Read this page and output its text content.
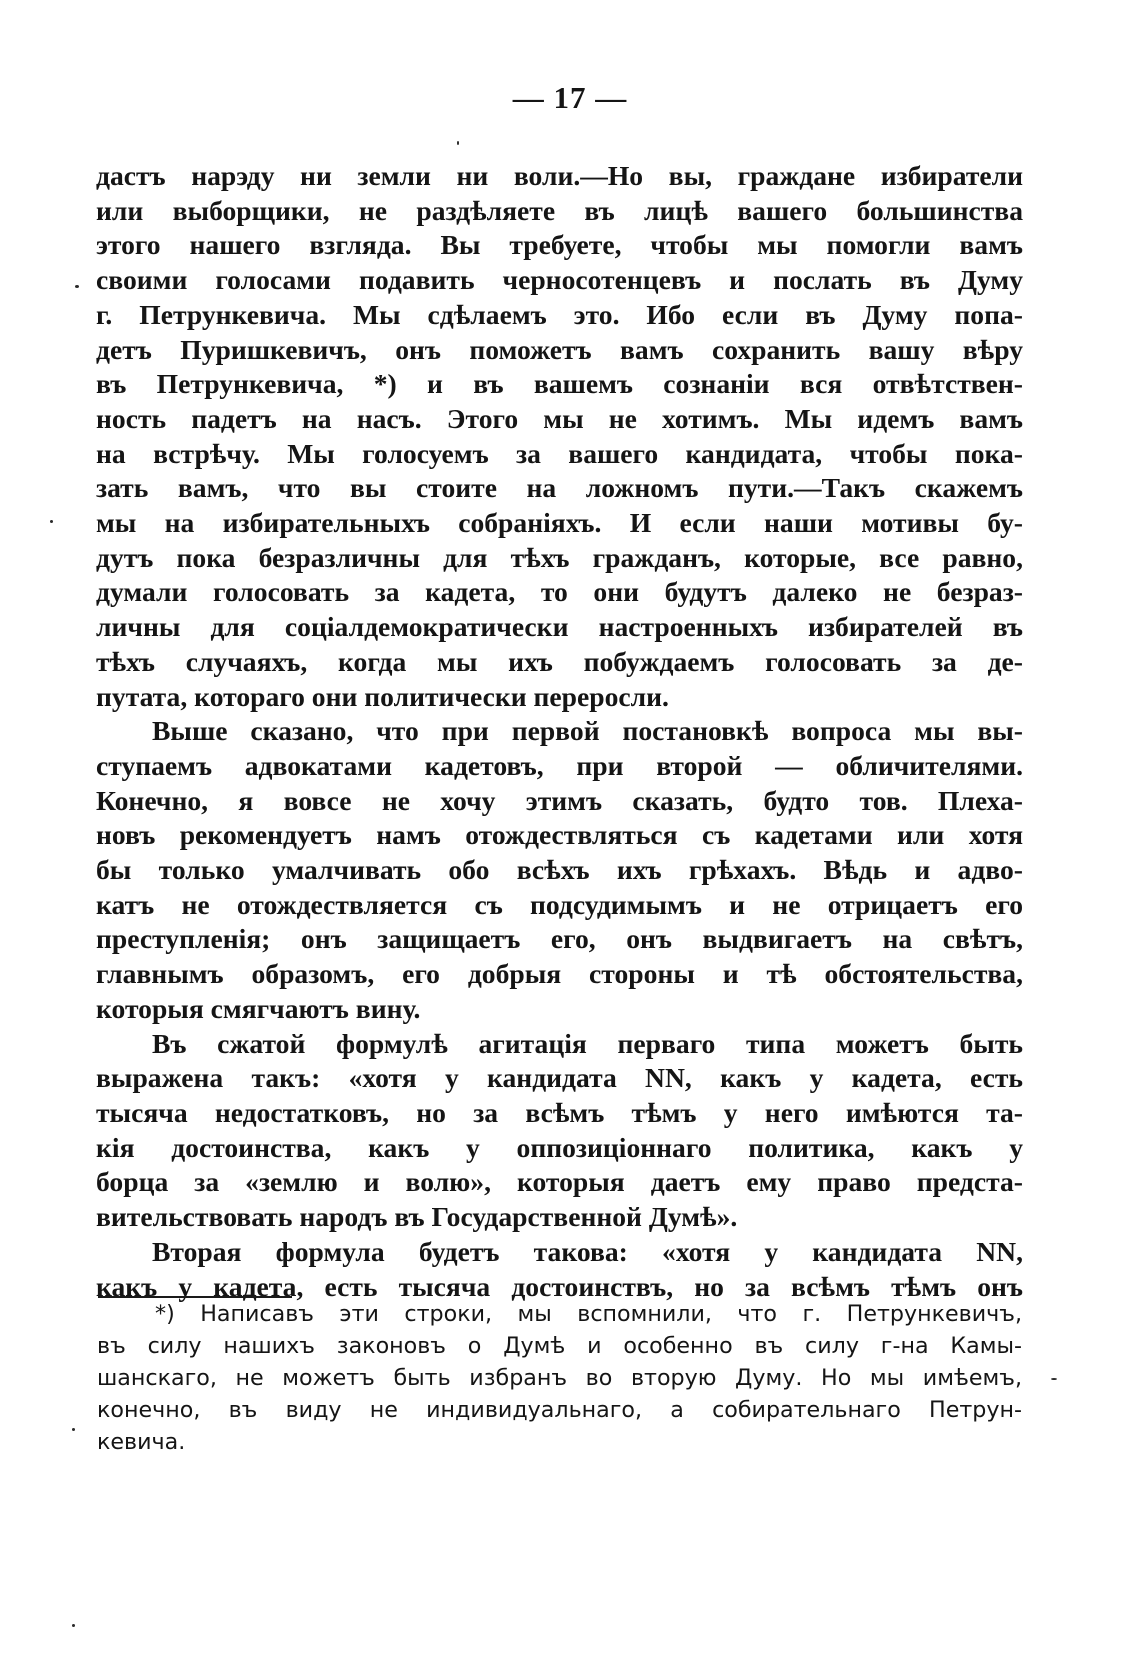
— 17 —
дастъ нарэду ни земли ни воли.—Но вы, граждане избиратели
или выборщики, не раздѣляете въ лицѣ вашего большинства
этого нашего взгляда. Вы требуете, чтобы мы помогли вамъ
своими голосами подавить черносотенцевъ и послать въ Думу
г. Петрункевича. Мы сдѣлаемъ это. Ибо если въ Думу попа-
детъ Пуришкевичъ, онъ поможетъ вамъ сохранить вашу вѣру
въ Петрункевича, *) и въ вашемъ сознаніи вся отвѣтствен-
ность падетъ на насъ. Этого мы не хотимъ. Мы идемъ вамъ
на встрѣчу. Мы голосуемъ за вашего кандидата, чтобы пока-
зать вамъ, что вы стоите на ложномъ пути.—Такъ скажемъ
мы на избирательныхъ собраніяхъ. И если наши мотивы бу-
дутъ пока безразличны для тѣхъ гражданъ, которые, все равно,
думали голосовать за кадета, то они будутъ далеко не безраз-
личны для соціалдемократически настроенныхъ избирателей въ
тѣхъ случаяхъ, когда мы ихъ побуждаемъ голосовать за де-
путата, котораго они политически переросли.
Выше сказано, что при первой постановкѣ вопроса мы вы-
ступаемъ адвокатами кадетовъ, при второй — обличителями.
Конечно, я вовсе не хочу этимъ сказать, будто тов. Плеха-
новъ рекомендуетъ намъ отождествляться съ кадетами или хотя
бы только умалчивать обо всѣхъ ихъ грѣхахъ. Вѣдь и адво-
катъ не отождествляется съ подсудимымъ и не отрицаетъ его
преступленія; онъ защищаетъ его, онъ выдвигаетъ на свѣтъ,
главнымъ образомъ, его добрыя стороны и тѣ обстоятельства,
которыя смягчаютъ вину.
Въ сжатой формулѣ агитація перваго типа можетъ быть
выражена такъ: «хотя у кандидата NN, какъ у кадета, есть
тысяча недостатковъ, но за всѣмъ тѣмъ у него имѣются та-
кія достоинства, какъ у оппозиціоннаго политика, какъ у
борца за «землю и волю», которыя даетъ ему право предста-
вительствовать народъ въ Государственной Думѣ».
Вторая формула будетъ такова: «хотя у кандидата NN,
какъ у кадета, есть тысяча достоинствъ, но за всѣмъ тѣмъ онъ
*) Написавъ эти строки, мы вспомнили, что г. Петрункевичъ,
въ силу нашихъ законовъ о Думѣ и особенно въ силу г-на Камы-
шанскаго, не можетъ быть избранъ во вторую Думу. Но мы имѣемъ,
конечно, въ виду не индивидуальнаго, а собирательнаго Петрун-
кевича.
